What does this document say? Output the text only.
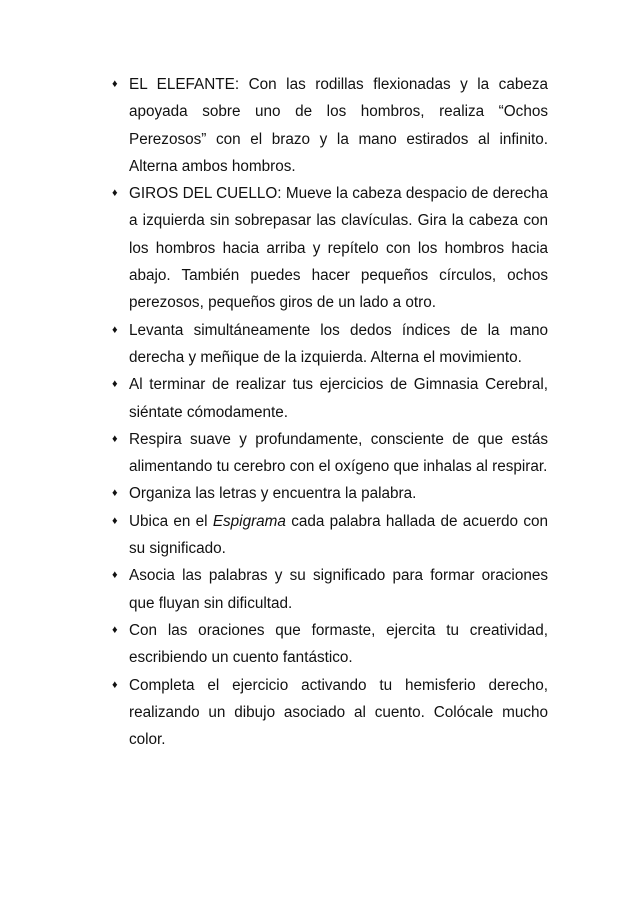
♦ EL ELEFANTE: Con las rodillas flexionadas y la cabeza apoyada sobre uno de los hombros, realiza “Ochos Perezosos” con el brazo y la mano estirados al infinito. Alterna ambos hombros.
♦ GIROS DEL CUELLO: Mueve la cabeza despacio de derecha a izquierda sin sobrepasar las clavículas. Gira la cabeza con los hombros hacia arriba y repítelo con los hombros hacia abajo. También puedes hacer pequeños círculos, ochos perezosos, pequeños giros de un lado a otro.
♦ Levanta simultáneamente los dedos índices de la mano derecha y meñique de la izquierda. Alterna el movimiento.
♦ Al terminar de realizar tus ejercicios de Gimnasia Cerebral, siéntate cómodamente.
♦ Respira suave y profundamente, consciente de que estás alimentando tu cerebro con el oxígeno que inhalas al respirar.
♦ Organiza las letras y encuentra la palabra.
♦ Ubica en el Espigrama cada palabra hallada de acuerdo con su significado.
♦ Asocia las palabras y su significado para formar oraciones que fluyan sin dificultad.
♦ Con las oraciones que formaste, ejercita tu creatividad, escribiendo un cuento fantástico.
♦ Completa el ejercicio activando tu hemisferio derecho, realizando un dibujo asociado al cuento. Colócale mucho color.
